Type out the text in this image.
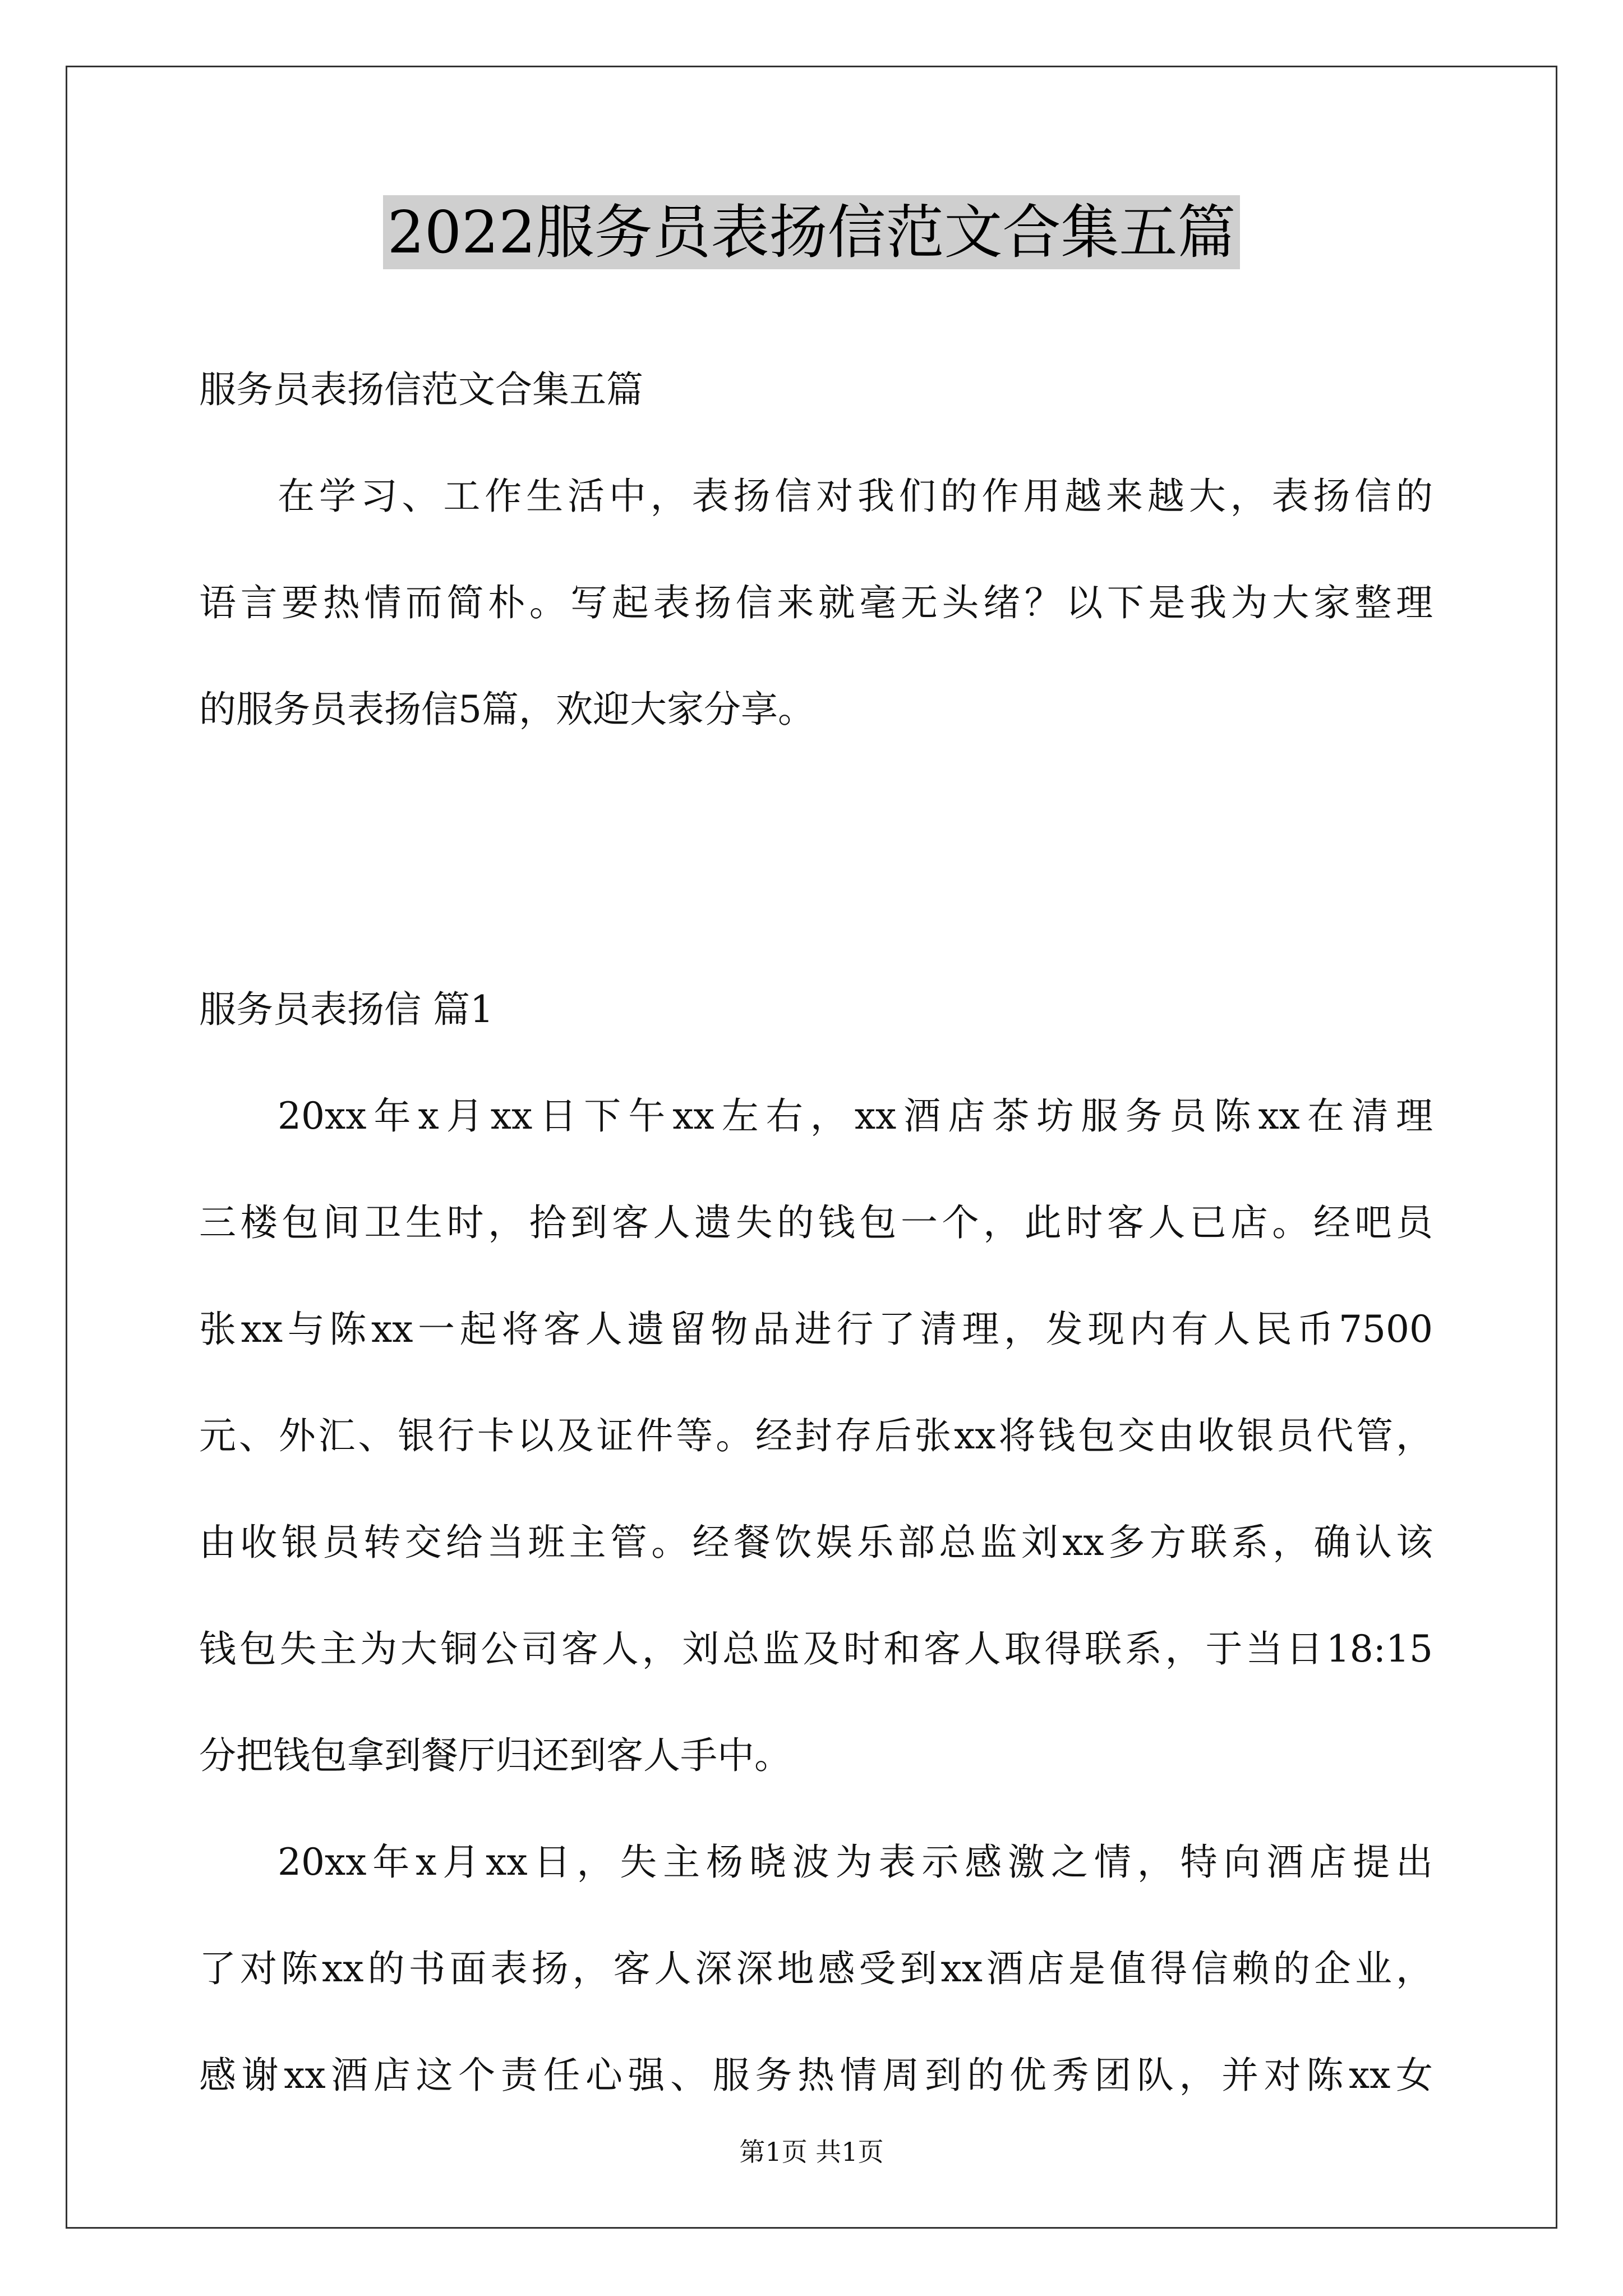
2022服务员表扬信范文合集五篇
服务员表扬信范文合集五篇
在学习、工作生活中，表扬信对我们的作用越来越大，表扬信的
语言要热情而简朴。写起表扬信来就毫无头绪？以下是我为大家整理
的服务员表扬信5篇，欢迎大家分享。
服务员表扬信 篇1
20xx年x月xx日下午xx左右，xx酒店茶坊服务员陈xx在清理
三楼包间卫生时，拾到客人遗失的钱包一个，此时客人已店。经吧员
张xx与陈xx一起将客人遗留物品进行了清理，发现内有人民币7500
元、外汇、银行卡以及证件等。经封存后张xx将钱包交由收银员代管，
由收银员转交给当班主管。经餐饮娱乐部总监刘xx多方联系，确认该
钱包失主为大铜公司客人，刘总监及时和客人取得联系，于当日18:15
分把钱包拿到餐厅归还到客人手中。
20xx年x月xx日，失主杨晓波为表示感激之情，特向酒店提出
了对陈xx的书面表扬，客人深深地感受到xx酒店是值得信赖的企业，
感谢xx酒店这个责任心强、服务热情周到的优秀团队，并对陈xx女
第1页 共1页
